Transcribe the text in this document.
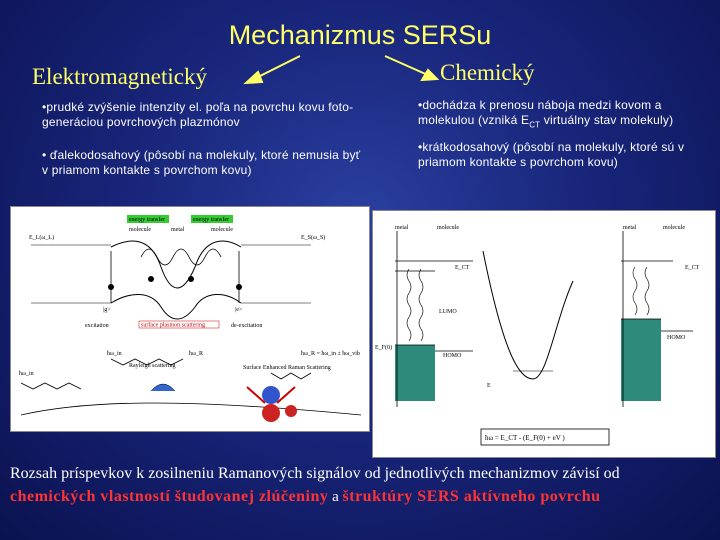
Mechanizmus SERSu
Elektromagnetický	Chemický
•prudké zvýšenie intenzity el. poľa na povrchu kovu foto-generáciou povrchových plazmónov
• ďalekodosahový (pôsobí na molekuly, ktoré nemusia byť v priamom kontakte s povrchom kovu)
•dochádza k prenosu náboja medzi kovom a molekulou (vzniká $E_{CT}$ virtuálny stav molekuly)
•krátkodosahový (pôsobí na molekuly, ktoré sú v priamom kontakte s povrchom kovu)
energy transfer	energy transfer
molecule	metal	molecule
E_L(ω_L)	E_S(ω_S)
|g>	|e>
excitation	surface plasmon scattering	de-excitation
ħω_in	ħω_R	ħω_R = ħω_in ± ħω_vib
Rayleigh scattering	Surface Enhanced Raman Scattering
ħω_in
metal	molecule	metal	molecule
E_CT
HOMO
E_F(0)
LUMO
E
E_CT
HOMO
ħω = E_CT - (E_F(0) + eV )
Rozsah príspevkov k zosilneniu Ramanových signálov od jednotlivých mechanizmov závisí od
chemických vlastností študovanej zlúčeniny a štruktúry SERS aktívneho povrchu
